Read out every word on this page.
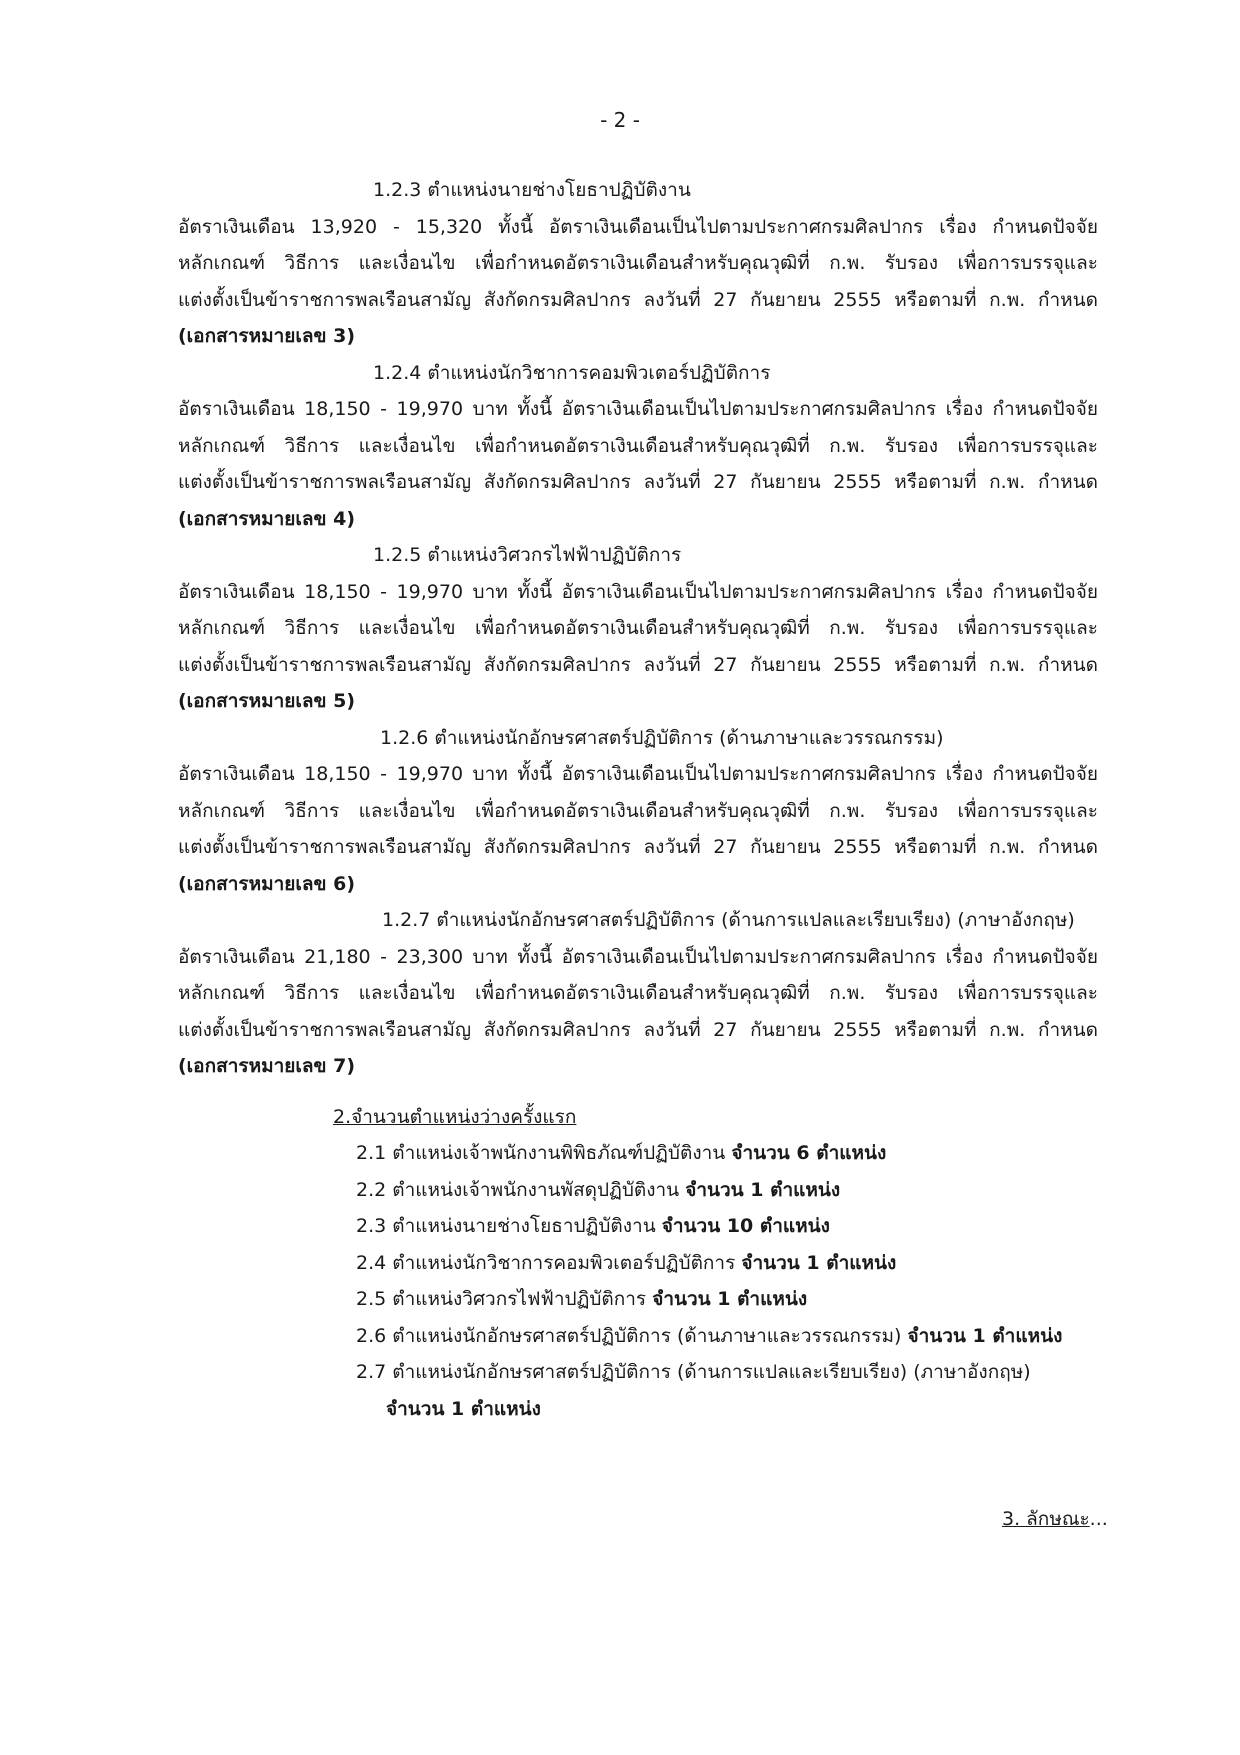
- 2 -
1.2.3 ตำแหน่งนายช่างโยธาปฏิบัติงาน
อัตราเงินเดือน 13,920 - 15,320 ทั้งนี้ อัตราเงินเดือนเป็นไปตามประกาศกรมศิลปากร เรื่อง กำหนดปัจจัย
หลักเกณฑ์ วิธีการ และเงื่อนไข เพื่อกำหนดอัตราเงินเดือนสำหรับคุณวุฒิที่ ก.พ. รับรอง เพื่อการบรรจุและ
แต่งตั้งเป็นข้าราชการพลเรือนสามัญ สังกัดกรมศิลปากร ลงวันที่ 27 กันยายน 2555 หรือตามที่ ก.พ. กำหนด
(เอกสารหมายเลข 3)
1.2.4 ตำแหน่งนักวิชาการคอมพิวเตอร์ปฏิบัติการ
อัตราเงินเดือน 18,150 - 19,970 บาท ทั้งนี้ อัตราเงินเดือนเป็นไปตามประกาศกรมศิลปากร เรื่อง กำหนดปัจจัย
หลักเกณฑ์ วิธีการ และเงื่อนไข เพื่อกำหนดอัตราเงินเดือนสำหรับคุณวุฒิที่ ก.พ. รับรอง เพื่อการบรรจุและ
แต่งตั้งเป็นข้าราชการพลเรือนสามัญ สังกัดกรมศิลปากร ลงวันที่ 27 กันยายน 2555 หรือตามที่ ก.พ. กำหนด
(เอกสารหมายเลข 4)
1.2.5 ตำแหน่งวิศวกรไฟฟ้าปฏิบัติการ
อัตราเงินเดือน 18,150 - 19,970 บาท ทั้งนี้ อัตราเงินเดือนเป็นไปตามประกาศกรมศิลปากร เรื่อง กำหนดปัจจัย
หลักเกณฑ์ วิธีการ และเงื่อนไข เพื่อกำหนดอัตราเงินเดือนสำหรับคุณวุฒิที่ ก.พ. รับรอง เพื่อการบรรจุและ
แต่งตั้งเป็นข้าราชการพลเรือนสามัญ สังกัดกรมศิลปากร ลงวันที่ 27 กันยายน 2555 หรือตามที่ ก.พ. กำหนด
(เอกสารหมายเลข 5)
1.2.6 ตำแหน่งนักอักษรศาสตร์ปฏิบัติการ (ด้านภาษาและวรรณกรรม)
อัตราเงินเดือน 18,150 - 19,970 บาท ทั้งนี้ อัตราเงินเดือนเป็นไปตามประกาศกรมศิลปากร เรื่อง กำหนดปัจจัย
หลักเกณฑ์ วิธีการ และเงื่อนไข เพื่อกำหนดอัตราเงินเดือนสำหรับคุณวุฒิที่ ก.พ. รับรอง เพื่อการบรรจุและ
แต่งตั้งเป็นข้าราชการพลเรือนสามัญ สังกัดกรมศิลปากร ลงวันที่ 27 กันยายน 2555 หรือตามที่ ก.พ. กำหนด
(เอกสารหมายเลข 6)
1.2.7 ตำแหน่งนักอักษรศาสตร์ปฏิบัติการ (ด้านการแปลและเรียบเรียง) (ภาษาอังกฤษ)
อัตราเงินเดือน 21,180 - 23,300 บาท ทั้งนี้ อัตราเงินเดือนเป็นไปตามประกาศกรมศิลปากร เรื่อง กำหนดปัจจัย
หลักเกณฑ์ วิธีการ และเงื่อนไข เพื่อกำหนดอัตราเงินเดือนสำหรับคุณวุฒิที่ ก.พ. รับรอง เพื่อการบรรจุและ
แต่งตั้งเป็นข้าราชการพลเรือนสามัญ สังกัดกรมศิลปากร ลงวันที่ 27 กันยายน 2555 หรือตามที่ ก.พ. กำหนด
(เอกสารหมายเลข 7)
2.จำนวนตำแหน่งว่างครั้งแรก
2.1 ตำแหน่งเจ้าพนักงานพิพิธภัณฑ์ปฏิบัติงาน จำนวน 6 ตำแหน่ง
2.2 ตำแหน่งเจ้าพนักงานพัสดุปฏิบัติงาน จำนวน 1 ตำแหน่ง
2.3 ตำแหน่งนายช่างโยธาปฏิบัติงาน จำนวน 10 ตำแหน่ง
2.4 ตำแหน่งนักวิชาการคอมพิวเตอร์ปฏิบัติการ จำนวน 1 ตำแหน่ง
2.5 ตำแหน่งวิศวกรไฟฟ้าปฏิบัติการ จำนวน 1 ตำแหน่ง
2.6 ตำแหน่งนักอักษรศาสตร์ปฏิบัติการ (ด้านภาษาและวรรณกรรม) จำนวน 1 ตำแหน่ง
2.7 ตำแหน่งนักอักษรศาสตร์ปฏิบัติการ (ด้านการแปลและเรียบเรียง) (ภาษาอังกฤษ)
จำนวน 1 ตำแหน่ง
3. ลักษณะ...
